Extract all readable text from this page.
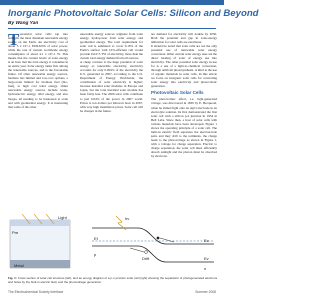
Inorganic Photovoltaic Solar Cells: Silicon and Beyond
By Wang Yan
T errestrial solar cells tap into sunlight, the most abundant renewable energy source on the Earth. An electricity cost of about 5 x 10^-1 EUR/kWh of solar power, while the rate of current worldwide energy consumption of about 4.1 x 10^-1 W. This means that the current levels of solar energy is an hour that the total energy it consumes in an entire year. Solar energy ranks first among the renewable sources, and is the favourable future. Of other renewable energy sources, biomass has limited and low-cost options, a large-scale limited for biomass fuel (bio-fuel), to high cost wind energy. Other renewable energy sources include water, hydroelectric energy, tidal energy, and also biogas, all needing to be harnessed at scale and with geothermal energy. It is interesting that some of the other

renewable energy sources originate from solar energy, hydropower from solar energy, and geothermal energy. The total requirement for solar cell is estimated to cover 0.16% of the Earth's surface with 10%-efficient cell would provide 2x10^3 TW of electricity, more than the current total energy demand from all sources.

A cheap contrast to the huge potential of solar energy as renewable electricity, electricity accounts for only 0.004% of the electricity the U.S. generated in 2007, according to the U.S. Department of Energy. Worldwide, the contribution of solar electricity is higher; because installed solar modules in Europe and Japan, but the total installed solar module has been fairly less. The 2006 solar cells contribute to just 0.04% of the power in 2007 world. Prices is ten dollars per kilowatt hour in 2007, with very high installation prices. Solar cell will be cheaper in the future.

are demand for electricity will double by 2050. Both the potential and gap in solar-energy utilization for solar cells are enormous.

It should be noted that solar cells are not the only potential use of renewable solar energy conversion. Other current solar energy uses are the direct heating of solar of energy use into electricity. The other potential solar energy in use for is a use of a light-to-chemical conversion, through artificial photosynthesis. A third is the use of organic materials in solar cells. In this article we focus on inorganic solar cells for converting solar energy into electricity and photovoltaic generation.

Photovoltaic Solar Cells

The photovoltaic effect, i.e. light-generated voltage, was discovered in 1839 by E. Becquerel, when he shined light onto an AgCl electrode in an electrolyte solution. Its first demonstrated the first solar cell with a silicon p-n junction in 1954 in Bell Labs. Since then, a host of solar cells with various materials have been developed. Figure 1 shows the operating principle of a solar cell. The built-in electric field separates the electron-hole pairs and they drift to the terminals, the charge leads to the photovoltage as shown in Figure 1, with a voltage for charge separation. Electric to charge separation, the solar cell must efficiently absorb sunlight and the photon must be absorbed by electrons.

Light
Metal
Pre
hv
p
n
Drift
Ec
Ev
Ef
Fig. 1: Cross section of solar cell structure (left), and an energy diagram of a p-n junction solar cell (right) showing the separation of photogenerated electrons and holes by the built-in electric field, and the photovoltage generation.
The Electrochemical Society Interface	Summer 2008
